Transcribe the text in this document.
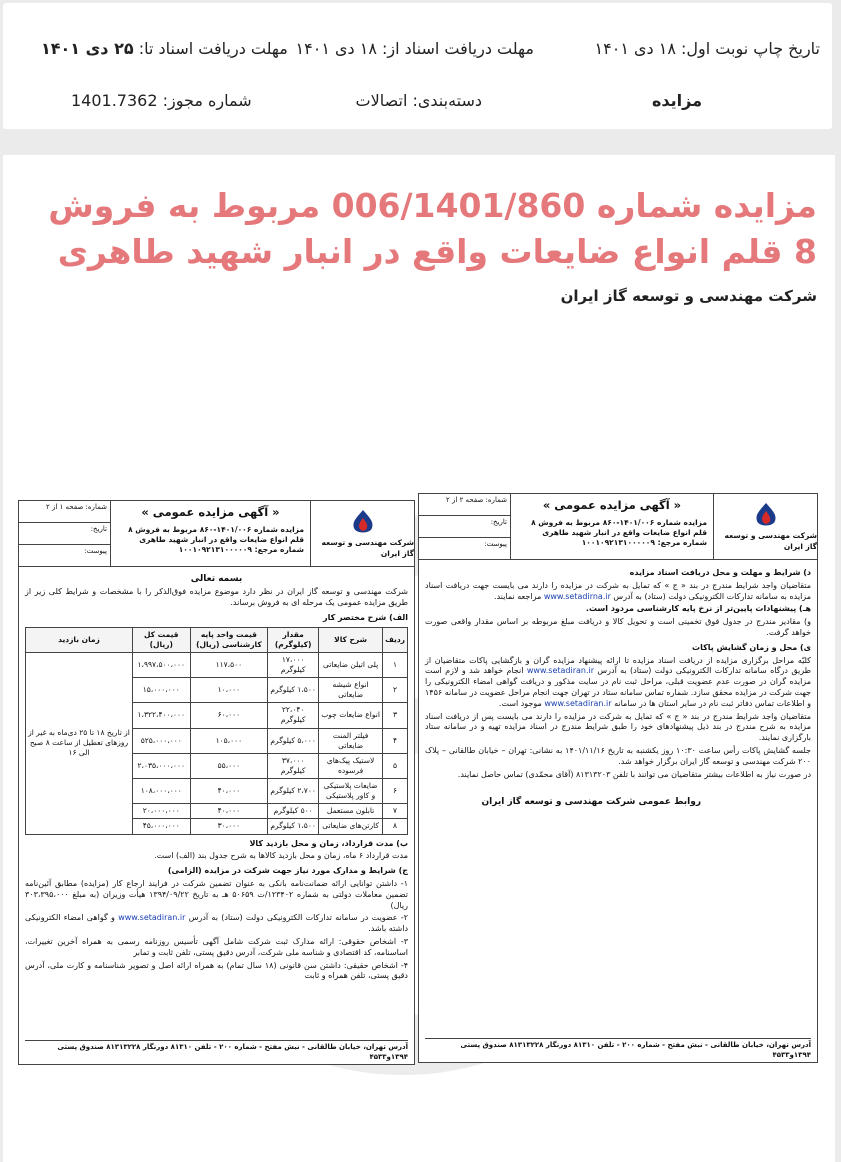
تاریخ چاپ نوبت اول: ۱۸ دی ۱۴۰۱
مهلت دریافت اسناد از: ۱۸ دی ۱۴۰۱
مهلت دریافت اسناد تا: ۲۵ دی ۱۴۰۱
مزایده
دسته‌بندی: اتصالات
شماره مجوز: 1401.7362
مزایده شماره 006/1401/860 مربوط به فروش 8 قلم انواع ضایعات واقع در انبار شهید طاهری
شرکت مهندسی و توسعه گاز ایران
شرکت مهندسی و توسعه گاز ایران
« آگهی مزایده عمومی »
مزایده شماره ۱۴۰۱/۰۰۶-۸۶۰ مربوط به فروش ۸ قلم انواع ضایعات واقع در انبار شهید طاهری
شماره مرجع: ۱۰۰۱۰۹۲۱۳۱۰۰۰۰۰۹
شماره: صفحه ۱ از ۲
تاریخ:
پیوست:
بسمه تعالی
شرکت مهندسی و توسعه گاز ایران در نظر دارد موضوع مزایده فوق‌الذکر را با مشخصات و شرایط کلی زیر از طریق مزایده عمومی یک مرحله ای به فروش برساند.
الف) شرح مختصر کار
ردیف	شرح کالا	مقدار (کیلوگرم)	قیمت واحد پایه کارشناسی (ریال)	قیمت کل (ریال)	زمان بازدید
۱	پلی اتیلن ضایعاتی	۱۷،۰۰۰ کیلوگرم	۱۱۷،۵۰۰	۱،۹۹۷،۵۰۰،۰۰۰	از تاریخ ۱۸ تا ۲۵ دی‌ماه به غیر از روزهای تعطیل از ساعت ۸ صبح الی ۱۶
۲	انواع شیشه ضایعاتی	۱،۵۰۰ کیلوگرم	۱۰،۰۰۰	۱۵،۰۰۰،۰۰۰	
۳	انواع ضایعات چوب	۲۲،۰۴۰ کیلوگرم	۶۰،۰۰۰	۱،۳۲۲،۴۰۰،۰۰۰	
۴	فیلتر المنت ضایعاتی	۵،۰۰۰ کیلوگرم	۱۰۵،۰۰۰	۵۲۵،۰۰۰،۰۰۰	
۵	لاستیک پیک‌های فرسوده	۳۷،۰۰۰ کیلوگرم	۵۵،۰۰۰	۲،۰۳۵،۰۰۰،۰۰۰	
۶	ضایعات پلاستیکی و کاور پلاستیکی	۲،۷۰۰ کیلوگرم	۴۰،۰۰۰	۱۰۸،۰۰۰،۰۰۰	
۷	تابلون مستعمل	۵۰۰ کیلوگرم	۴۰،۰۰۰	۲۰،۰۰۰،۰۰۰	
۸	کارتن‌های ضایعاتی	۱،۵۰۰ کیلوگرم	۳۰،۰۰۰	۴۵،۰۰۰،۰۰۰	
ب) مدت قرارداد، زمان و محل بازدید کالا
مدت قرارداد ۶ ماه، زمان و محل بازدید کالاها به شرح جدول بند (الف) است.
ج) شرایط و مدارک مورد نیاز جهت شرکت در مزایده (الزامی)
۱- داشتن توانایی ارائه ضمانت‌نامه بانکی به عنوان تضمین شرکت در فرایند ارجاع کار (مزایده) مطابق آئین‌نامه تضمین معاملات دولتی به شماره ۱۲۳۴۰۲/ت ۵۰۶۵۹ هـ به تاریخ ۱۳۹۴/۰۹/۲۲ هیأت وزیران (به مبلغ ۳۰۳،۳۹۵،۰۰۰ ریال)
۲- عضویت در سامانه تدارکات الکترونیکی دولت (ستاد) به آدرس www.setadiran.ir و گواهی امضاء الکترونیکی داشته باشد.
۳- اشخاص حقوقی: ارائه مدارک ثبت شرکت شامل آگهی تأسیس روزنامه رسمی به همراه آخرین تغییرات، اساسنامه، کد اقتصادی و شناسه ملی شرکت، آدرس دقیق پستی، تلفن ثابت و تمابر
۴- اشخاص حقیقی: داشتن سن قانونی (۱۸ سال تمام) به همراه ارائه اصل و تصویر شناسنامه و کارت ملی، آدرس دقیق پستی، تلفن همراه و ثابت
آدرس تهران، خیابان طالقانی - نبش مفتح - شماره ۲۰۰ - تلفن ۸۱۳۱۰ دورنگار ۸۱۳۱۳۲۲۸ صندوق پستی ۱۳۹۴و۴۵۳۳
شرکت مهندسی و توسعه گاز ایران
« آگهی مزایده عمومی »
مزایده شماره ۱۴۰۱/۰۰۶-۸۶۰ مربوط به فروش ۸ قلم انواع ضایعات واقع در انبار شهید طاهری
شماره مرجع: ۱۰۰۱۰۹۲۱۳۱۰۰۰۰۰۹
شماره: صفحه ۲ از ۲
تاریخ:
پیوست:
د) شرایط و مهلت و محل دریافت اسناد مزایده
متقاضیان واجد شرایط مندرج در بند « ج » که تمایل به شرکت در مزایده را دارند می بایست جهت دریافت اسناد مزایده به سامانه تدارکات الکترونیکی دولت (ستاد) به آدرس www.setadirna.ir مراجعه نمایند.
هـ) پیشنهادات پایین‌تر از نرخ پایه کارشناسی مردود است.
و) مقادیر مندرج در جدول فوق تخمینی است و تحویل کالا و دریافت مبلغ مربوطه بر اساس مقدار واقعی صورت خواهد گرفت.
ی) محل و زمان گشایش پاکات
کلیّه مراحل برگزاری مزایده از دریافت اسناد مزایده تا ارائه پیشنهاد مزایده گران و بازگشایی پاکات متقاضیان از طریق درگاه سامانه تدارکات الکترونیکی دولت (ستاد) به آدرس www.setadiran.ir انجام خواهد شد و لازم است مزایده گران در صورت عدم عضویت قبلی، مراحل ثبت نام در سایت مذکور و دریافت گواهی امضاء الکترونیکی را جهت شرکت در مزایده محقق سازد. شماره تماس سامانه ستاد در تهران جهت انجام مراحل عضویت در سامانه ۱۴۵۶ و اطلاعات تماس دفاتر ثبت نام در سایر استان ها در سامانه www.setadiran.ir موجود است.
متقاضیان واجد شرایط مندرج در بند « ج » که تمایل به شرکت در مزایده را دارند می بایست پس از دریافت اسناد مزایده به شرح مندرج در بند ذیل پیشنهادهای خود را طبق شرایط مندرج در اسناد مزایده تهیه و در سامانه ستاد بارگزاری نمایند.
جلسه گشایش پاکات رأس ساعت ۱۰:۳۰ روز یکشنبه به تاریخ ۱۴۰۱/۱۱/۱۶ به نشانی: تهران – خیابان طالقانی – پلاک ۲۰۰ شرکت مهندسی و توسعه گاز ایران برگزار خواهد شد.
در صورت نیاز به اطلاعات بیشتر متقاضیان می توانند با تلفن ۸۱۳۱۳۲۰۳ (آقای محمّدی) تماس حاصل نمایند.
روابط عمومی شرکت مهندسی و توسعه گاز ایران
آدرس تهران، خیابان طالقانی - نبش مفتح - شماره ۲۰۰ - تلفن ۸۱۳۱۰ دورنگار ۸۱۳۱۳۲۲۸ صندوق پستی ۱۳۹۴و۴۵۳۳
